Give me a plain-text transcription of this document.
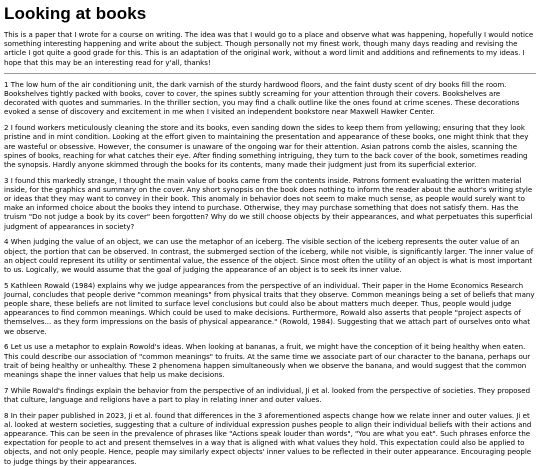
Looking at books

This is a paper that I wrote for a course on writing. The idea was that I would go to a place and observe what was happening, hopefully I would notice something interesting happening and write about the subject. Though personally not my finest work, though many days reading and revising the article I got quite a good grade for this. This is an adaptation of the original work, without a word limit and additions and refinements to my ideas. I hope that this may be an interesting read for y'all, thanks!

1 The low hum of the air conditioning unit, the dark varnish of the sturdy hardwood floors, and the faint dusty scent of dry books fill the room. Bookshelves tightly packed with books, cover to cover, the spines subtly screaming for your attention through their covers. Bookshelves are decorated with quotes and summaries. In the thriller section, you may find a chalk outline like the ones found at crime scenes. These decorations evoked a sense of discovery and excitement in me when I visited an independent bookstore near Maxwell Hawker Center.

2 I found workers meticulously cleaning the store and its books, even sanding down the sides to keep them from yellowing; ensuring that they look pristine and in mint condition. Looking at the effort given to maintaining the presentation and appearance of these books, one might think that they are wasteful or obsessive. However, the consumer is unaware of the ongoing war for their attention. Asian patrons comb the aisles, scanning the spines of books, reaching for what catches their eye. After finding something intriguing, they turn to the back cover of the book, sometimes reading the synopsis. Hardly anyone skimmed through the books for its contents, many made their judgment just from its superficial exterior.

3 I found this markedly strange, I thought the main value of books came from the contents inside. Patrons forment evaluating the written material inside, for the graphics and summary on the cover. Any short synopsis on the book does nothing to inform the reader about the author's writing style or ideas that they may want to convey in their book. This anomaly in behavior does not seem to make much sense, as people would surely want to make an informed choice about the books they intend to purchase. Otherwise, they may purchase something that does not satisfy them. Has the truism "Do not judge a book by its cover" been forgotten? Why do we still choose objects by their appearances, and what perpetuates this superficial judgment of appearances in society?

4 When judging the value of an object, we can use the metaphor of an iceberg. The visible section of the iceberg represents the outer value of an object, the portion that can be observed. In contrast, the submerged section of the iceberg, while not visible, is significantly larger. The inner value of an object could represent its utility or sentimental value, the essence of the object. Since most often the utility of an object is what is most important to us. Logically, we would assume that the goal of judging the appearance of an object is to seek its inner value.

5 Kathleen Rowald (1984) explains why we judge appearances from the perspective of an individual. Their paper in the Home Economics Research Journal, concludes that people derive "common meanings" from physical traits that they observe. Common meanings being a set of beliefs that many people share, these beliefs are not limited to surface level conclusions but could also be about matters much deeper. Thus, people would judge appearances to find common meanings. Which could be used to make decisions. Furthermore, Rowald also asserts that people "project aspects of themselves... as they form impressions on the basis of physical appearance." (Rowold, 1984). Suggesting that we attach part of ourselves onto what we observe.

6 Let us use a metaphor to explain Rowold's ideas. When looking at bananas, a fruit, we might have the conception of it being healthy when eaten. This could describe our association of "common meanings" to fruits. At the same time we associate part of our character to the banana, perhaps our trait of being healthy or unhealthy. These 2 phenomena happen simultaneously when we observe the banana, and would suggest that the common meanings shape the inner values that help us make decisions.

7 While Rowald's findings explain the behavior from the perspective of an individual, Ji et al. looked from the perspective of societies. They proposed that culture, language and religions have a part to play in relating inner and outer values.

8 In their paper published in 2023, Ji et al. found that differences in the 3 aforementioned aspects change how we relate inner and outer values. Ji et al. looked at western societies, suggesting that a culture of individual expression pushes people to align their individual beliefs with their actions and appearance. This can be seen in the prevalence of phrases like "Actions speak louder than words", "You are what you eat". Such phrases enforce the expectation for people to act and present themselves in a way that is aligned with what values they hold. This expectation could also be applied to objects, and not only people. Hence, people may similarly expect objects' inner values to be reflected in their outer appearance. Encouraging people to judge things by their appearances.
